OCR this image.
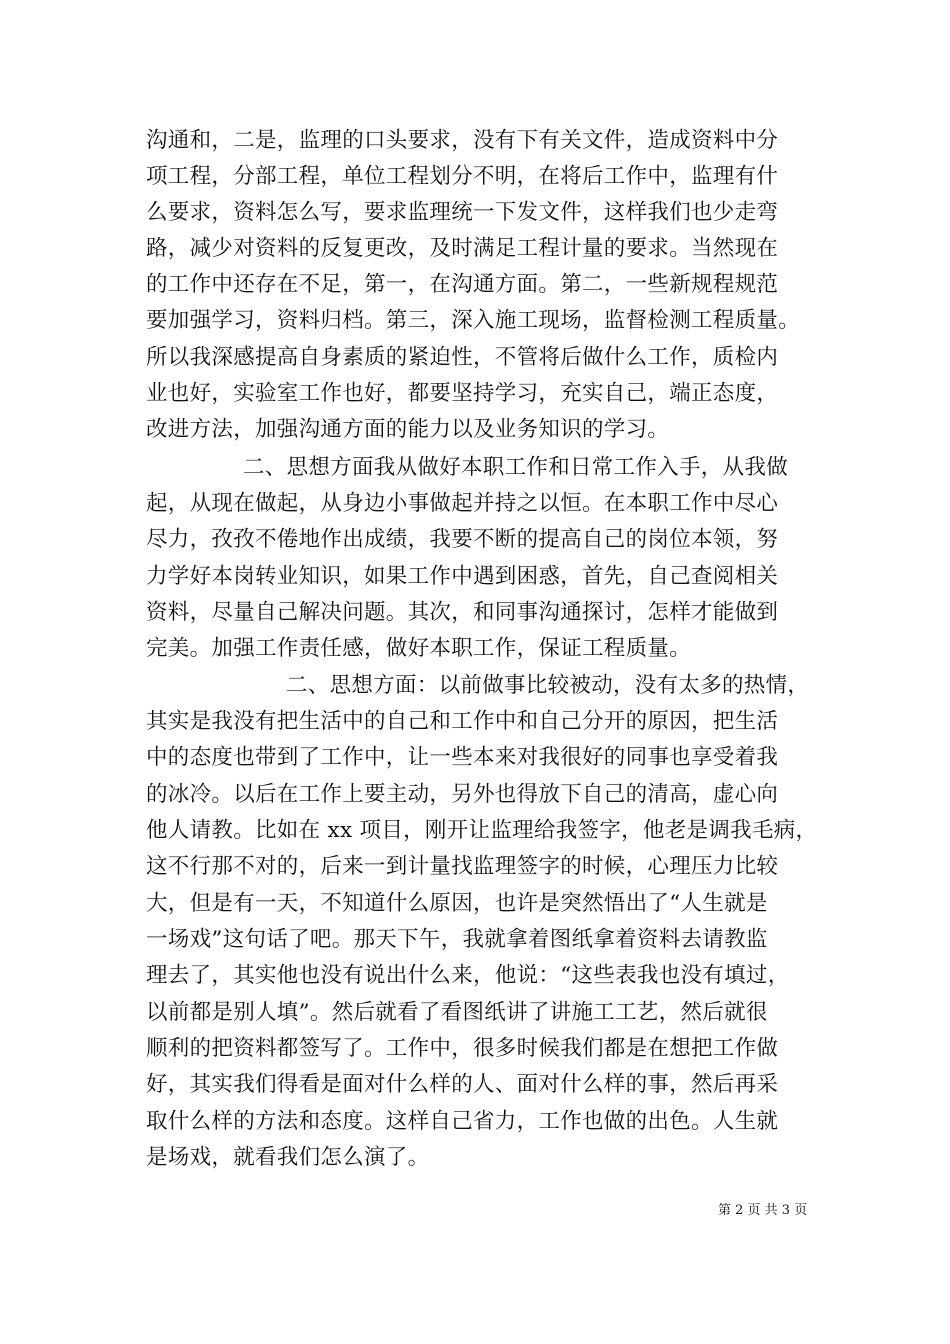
沟通和，二是，监理的口头要求，没有下有关文件，造成资料中分
项工程，分部工程，单位工程划分不明，在将后工作中，监理有什
么要求，资料怎么写，要求监理统一下发文件，这样我们也少走弯
路，减少对资料的反复更改，及时满足工程计量的要求。当然现在
的工作中还存在不足，第一，在沟通方面。第二，一些新规程规范
要加强学习，资料归档。第三，深入施工现场，监督检测工程质量。
所以我深感提高自身素质的紧迫性，不管将后做什么工作，质检内
业也好，实验室工作也好，都要坚持学习，充实自己，端正态度，
改进方法，加强沟通方面的能力以及业务知识的学习。
二、思想方面我从做好本职工作和日常工作入手，从我做
起，从现在做起，从身边小事做起并持之以恒。在本职工作中尽心
尽力，孜孜不倦地作出成绩，我要不断的提高自己的岗位本领，努
力学好本岗转业知识，如果工作中遇到困惑，首先，自己查阅相关
资料，尽量自己解决问题。其次，和同事沟通探讨，怎样才能做到
完美。加强工作责任感，做好本职工作，保证工程质量。
二、思想方面：以前做事比较被动，没有太多的热情，
其实是我没有把生活中的自己和工作中和自己分开的原因，把生活
中的态度也带到了工作中，让一些本来对我很好的同事也享受着我
的冰冷。以后在工作上要主动，另外也得放下自己的清高，虚心向
他人请教。比如在 xx 项目，刚开让监理给我签字，他老是调我毛病，
这不行那不对的，后来一到计量找监理签字的时候，心理压力比较
大，但是有一天，不知道什么原因，也许是突然悟出了“人生就是
一场戏”这句话了吧。那天下午，我就拿着图纸拿着资料去请教监
理去了，其实他也没有说出什么来，他说：“这些表我也没有填过，
以前都是别人填”。然后就看了看图纸讲了讲施工工艺，然后就很
顺利的把资料都签写了。工作中，很多时候我们都是在想把工作做
好，其实我们得看是面对什么样的人、面对什么样的事，然后再采
取什么样的方法和态度。这样自己省力，工作也做的出色。人生就
是场戏，就看我们怎么演了。
第 2 页 共 3 页
